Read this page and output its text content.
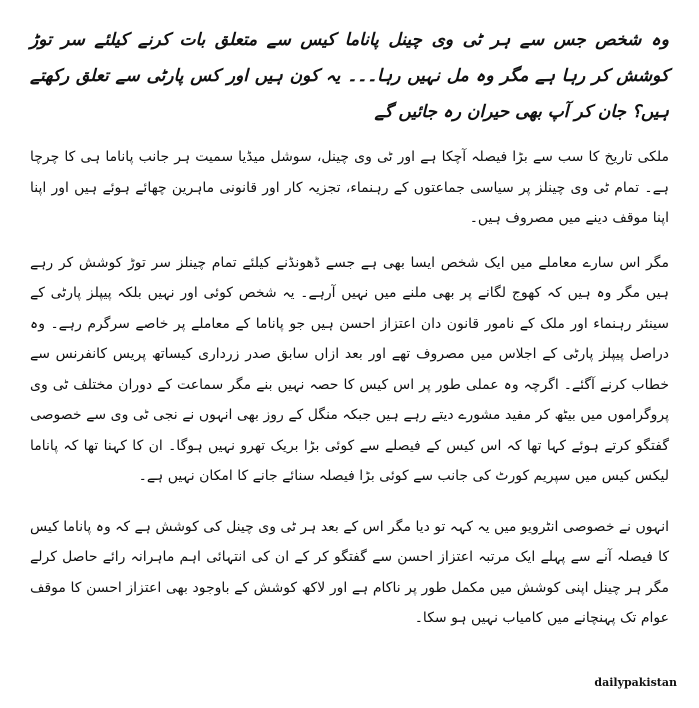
وہ شخص جس سے ہر ٹی وی چینل پاناما کیس سے متعلق بات کرنے کیلئے سر توڑ کوشش کر رہا ہے مگر وہ مل نہیں رہا۔۔۔ یہ کون ہیں اور کس پارٹی سے تعلق رکھتے ہیں؟ جان کر آپ بھی حیران رہ جائیں گے

ملکی تاریخ کا سب سے بڑا فیصلہ آچکا ہے اور ٹی وی چینل، سوشل میڈیا سمیت ہر جانب پاناما ہی کا چرچا ہے۔ تمام ٹی وی چینلز پر سیاسی جماعتوں کے رہنماء، تجزیہ کار اور قانونی ماہرین چھائے ہوئے ہیں اور اپنا اپنا موقف دینے میں مصروف ہیں۔

مگر اس سارے معاملے میں ایک شخص ایسا بھی ہے جسے ڈھونڈنے کیلئے تمام چینلز سر توڑ کوشش کر رہے ہیں مگر وہ ہیں کہ کھوج لگانے پر بھی ملنے میں نہیں آرہے۔ یہ شخص کوئی اور نہیں بلکہ پیپلز پارٹی کے سینئر رہنماء اور ملک کے نامور قانون دان اعتزاز احسن ہیں جو پاناما کے معاملے پر خاصے سرگرم رہے۔ وہ دراصل پیپلز پارٹی کے اجلاس میں مصروف تھے اور بعد ازاں سابق صدر زرداری کیساتھ پریس کانفرنس سے خطاب کرنے آگئے۔ اگرچہ وہ عملی طور پر اس کیس کا حصہ نہیں بنے مگر سماعت کے دوران مختلف ٹی وی پروگراموں میں بیٹھ کر مفید مشورے دیتے رہے ہیں جبکہ منگل کے روز بھی انہوں نے نجی ٹی وی سے خصوصی گفتگو کرتے ہوئے کہا تھا کہ اس کیس کے فیصلے سے کوئی بڑا بریک تھرو نہیں ہوگا۔ ان کا کہنا تھا کہ پاناما لیکس کیس میں سپریم کورٹ کی جانب سے کوئی بڑا فیصلہ سنائے جانے کا امکان نہیں ہے۔

انہوں نے خصوصی انٹرویو میں یہ کہہ تو دیا مگر اس کے بعد ہر ٹی وی چینل کی کوشش ہے کہ وہ پاناما کیس کا فیصلہ آنے سے پہلے ایک مرتبہ اعتزاز احسن سے گفتگو کر کے ان کی انتہائی اہم ماہرانہ رائے حاصل کرلے مگر ہر چینل اپنی کوشش میں مکمل طور پر ناکام ہے اور لاکھ کوشش کے باوجود بھی اعتزاز احسن کا موقف عوام تک پہنچانے میں کامیاب نہیں ہو سکا۔

dailypakistan
